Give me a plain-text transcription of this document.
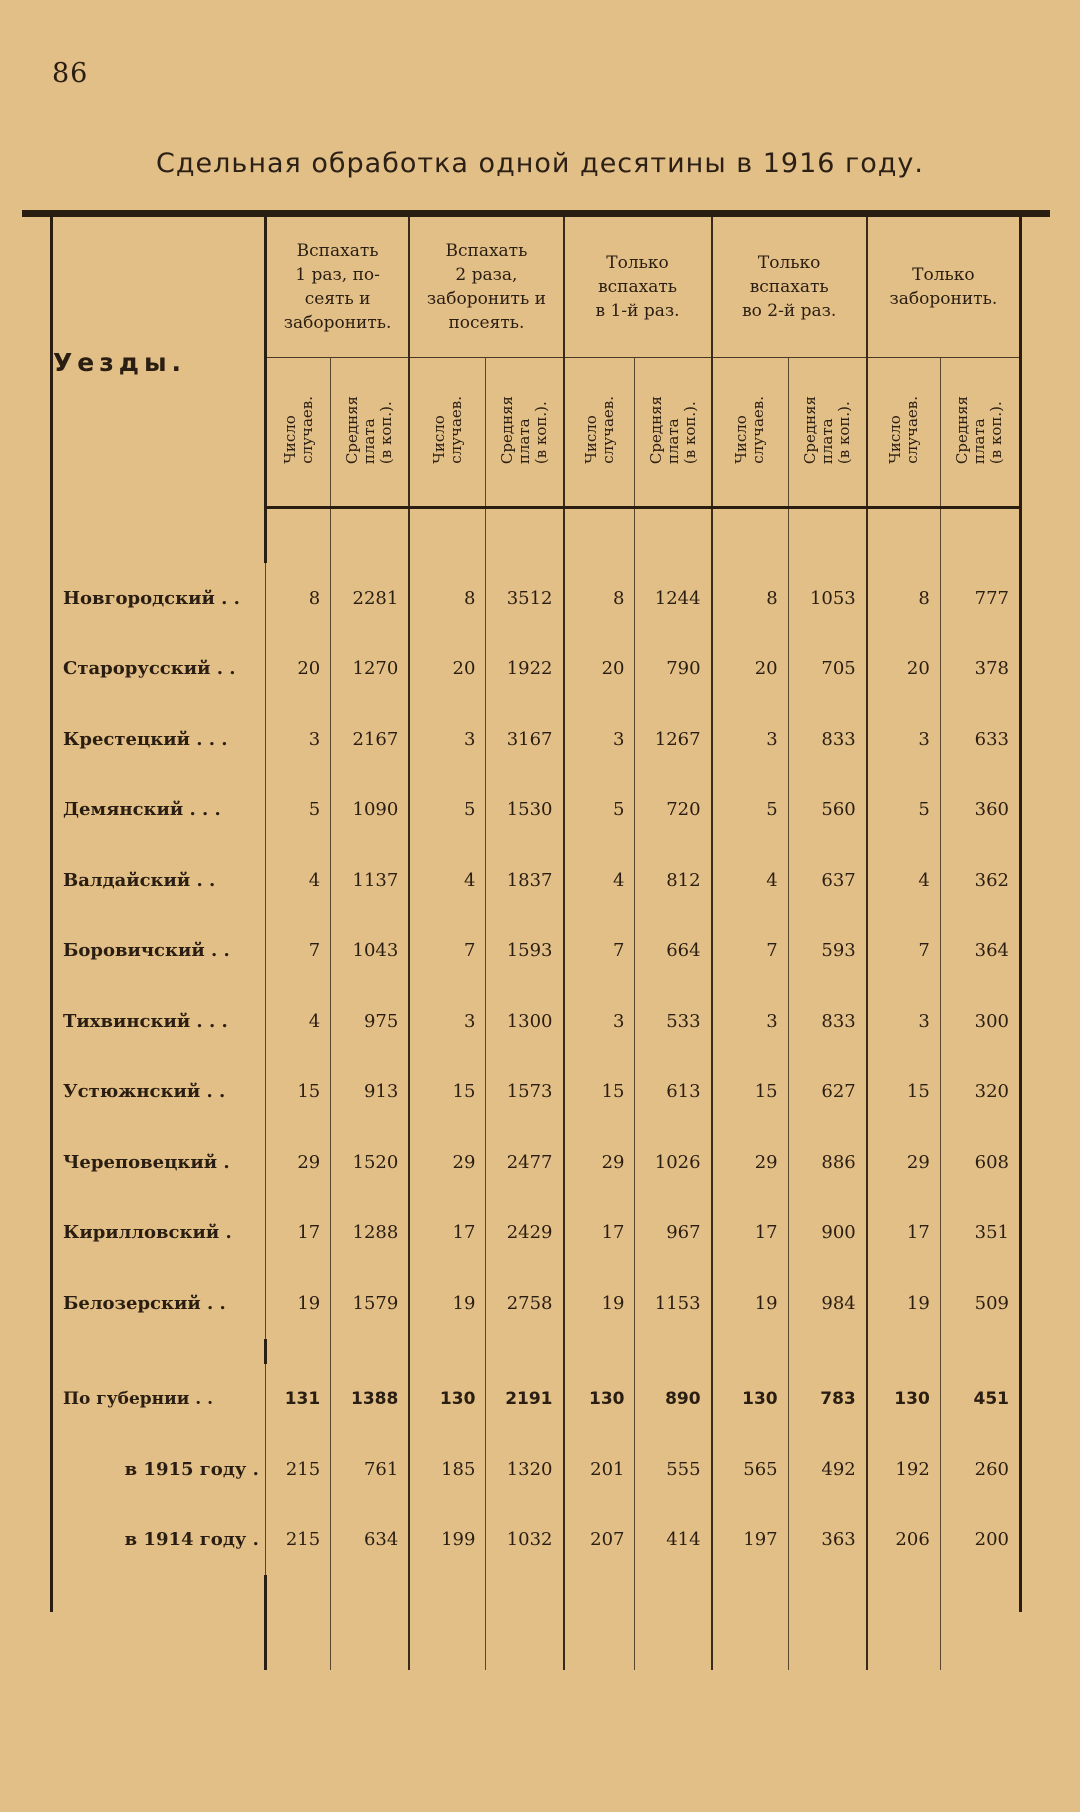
86
Сдельная обработка одной десятины в 1916 году.
Уезды.	Вспахать
1 раз, по-
сеять и
заборонить.		Вспахать
2 раза,
заборонить и
посеять.		Только
вспахать
в 1-й раз.		Только
вспахать
во 2-й раз.		Только
заборонить.	
	Число
случаев.	Средняя
плата
(в коп.).	Число
случаев.	Средняя
плата
(в коп.).	Число
случаев.	Средняя
плата
(в коп.).	Число
случаев.	Средняя
плата
(в коп.).	Число
случаев.	Средняя
плата
(в коп.).

Новгородский . .	8	2281	8	3512	8	1244	8	1053	8	777
Старорусский . .	20	1270	20	1922	20	790	20	705	20	378
Крестецкий . . .	3	2167	3	3167	3	1267	3	833	3	633
Демянский . . .	5	1090	5	1530	5	720	5	560	5	360
Валдайский . .	4	1137	4	1837	4	812	4	637	4	362
Боровичский . .	7	1043	7	1593	7	664	7	593	7	364
Тихвинский . . .	4	975	3	1300	3	533	3	833	3	300
Устюжнский . .	15	913	15	1573	15	613	15	627	15	320
Череповецкий .	29	1520	29	2477	29	1026	29	886	29	608
Кирилловский .	17	1288	17	2429	17	967	17	900	17	351
Белозерский . .	19	1579	19	2758	19	1153	19	984	19	509

По губернии . .	131	1388	130	2191	130	890	130	783	130	451
в 1915 году .	215	761	185	1320	201	555	565	492	192	260
в 1914 году .	215	634	199	1032	207	414	197	363	206	200
